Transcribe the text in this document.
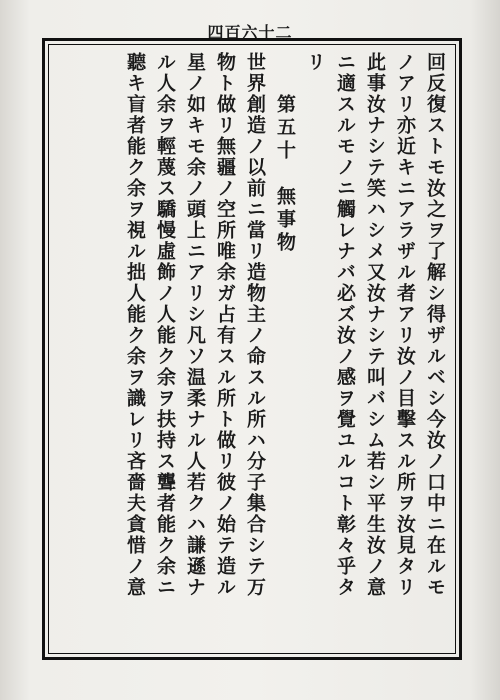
四百六十二
回反復ストモ汝之ヲ了解シ得ザルベシ今汝ノ口中ニ在ルモ
ノアリ亦近キニアラザル者アリ汝ノ目擊スル所ヲ汝見タリ
此事汝ナシテ笑ハシメ又汝ナシテ叫バシム若シ平生汝ノ意
ニ適スルモノニ觸レナバ必ズ汝ノ感ヲ覺ユルコト彰々乎タ
リ
第五十　無事物
世界創造ノ以前ニ當リ造物主ノ命スル所ハ分子集合シテ万
物ト做リ無疆ノ空所唯余ガ占有スル所ト做リ彼ノ始テ造ル
星ノ如キモ余ノ頭上ニアリシ凡ソ温柔ナル人若クハ謙遜ナ
ル人余ヲ輕蔑ス驕慢虛飾ノ人能ク余ヲ扶持ス聾者能ク余ニ
聽キ盲者能ク余ヲ視ル拙人能ク余ヲ識レリ吝嗇夫貪惜ノ意
